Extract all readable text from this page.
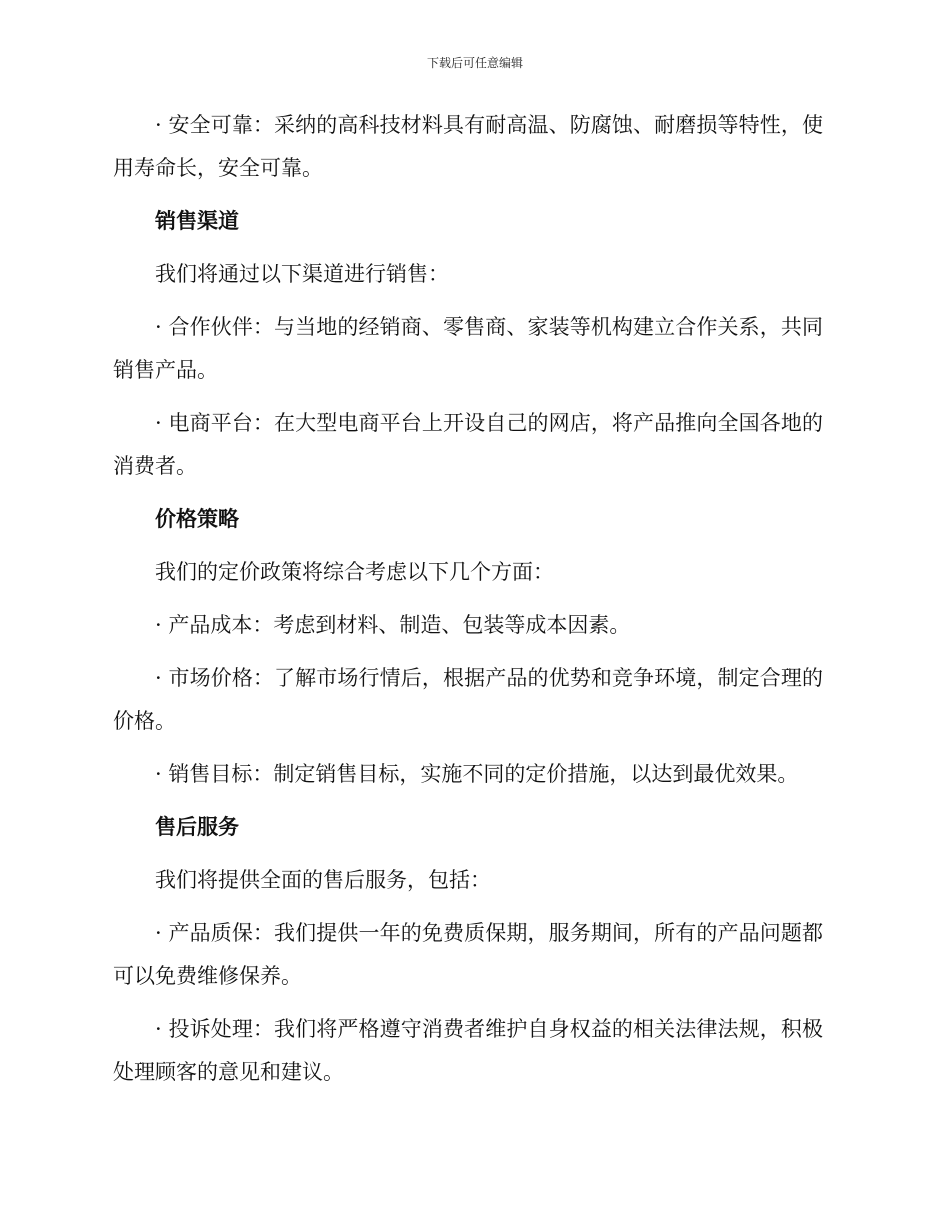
下载后可任意编辑

· 安全可靠：采纳的高科技材料具有耐高温、防腐蚀、耐磨损等特性，使用寿命长，安全可靠。

销售渠道

我们将通过以下渠道进行销售：

· 合作伙伴：与当地的经销商、零售商、家装等机构建立合作关系，共同销售产品。

· 电商平台：在大型电商平台上开设自己的网店，将产品推向全国各地的消费者。

价格策略

我们的定价政策将综合考虑以下几个方面：

· 产品成本：考虑到材料、制造、包装等成本因素。

· 市场价格：了解市场行情后，根据产品的优势和竞争环境，制定合理的价格。

· 销售目标：制定销售目标，实施不同的定价措施，以达到最优效果。

售后服务

我们将提供全面的售后服务，包括：

· 产品质保：我们提供一年的免费质保期，服务期间，所有的产品问题都可以免费维修保养。

· 投诉处理：我们将严格遵守消费者维护自身权益的相关法律法规，积极处理顾客的意见和建议。
